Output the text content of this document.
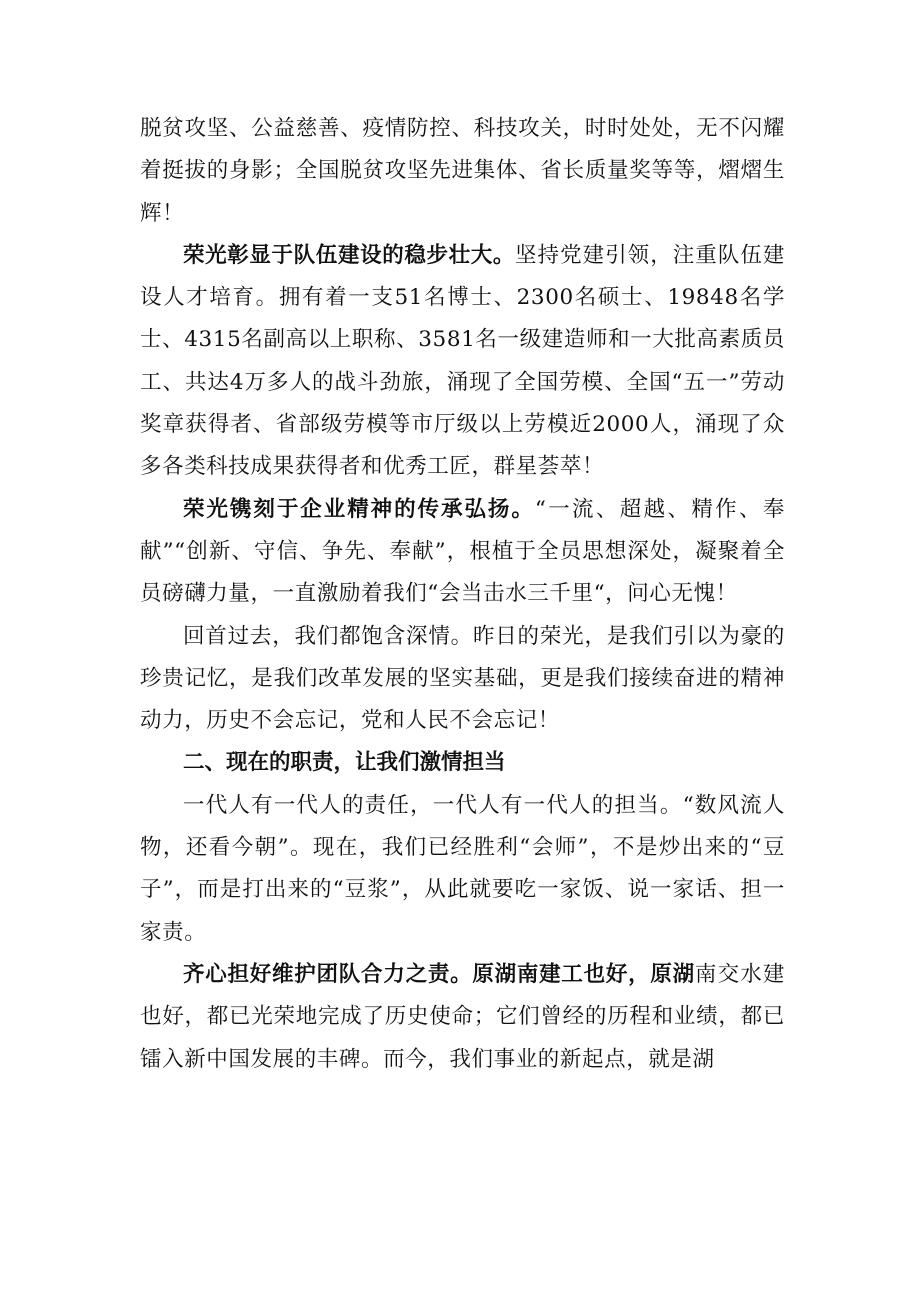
脱贫攻坚、公益慈善、疫情防控、科技攻关，时时处处，无不闪耀着挺拔的身影；全国脱贫攻坚先进集体、省长质量奖等等，熠熠生辉！

荣光彰显于队伍建设的稳步壮大。坚持党建引领，注重队伍建设人才培育。拥有着一支51名博士、2300名硕士、19848名学士、4315名副高以上职称、3581名一级建造师和一大批高素质员工、共达4万多人的战斗劲旅，涌现了全国劳模、全国“五一”劳动奖章获得者、省部级劳模等市厅级以上劳模近2000人，涌现了众多各类科技成果获得者和优秀工匠，群星荟萃！

荣光镌刻于企业精神的传承弘扬。“一流、超越、精作、奉献”“创新、守信、争先、奉献”，根植于全员思想深处，凝聚着全员磅礴力量，一直激励着我们“会当击水三千里“，问心无愧！

回首过去，我们都饱含深情。昨日的荣光，是我们引以为豪的珍贵记忆，是我们改革发展的坚实基础，更是我们接续奋进的精神动力，历史不会忘记，党和人民不会忘记！

二、现在的职责，让我们激情担当

一代人有一代人的责任，一代人有一代人的担当。“数风流人物，还看今朝”。现在，我们已经胜利“会师”，不是炒出来的“豆子”，而是打出来的“豆浆”，从此就要吃一家饭、说一家话、担一家责。

齐心担好维护团队合力之责。原湖南建工也好，原湖南交水建也好，都已光荣地完成了历史使命；它们曾经的历程和业绩，都已镭入新中国发展的丰碑。而今，我们事业的新起点，就是湖
